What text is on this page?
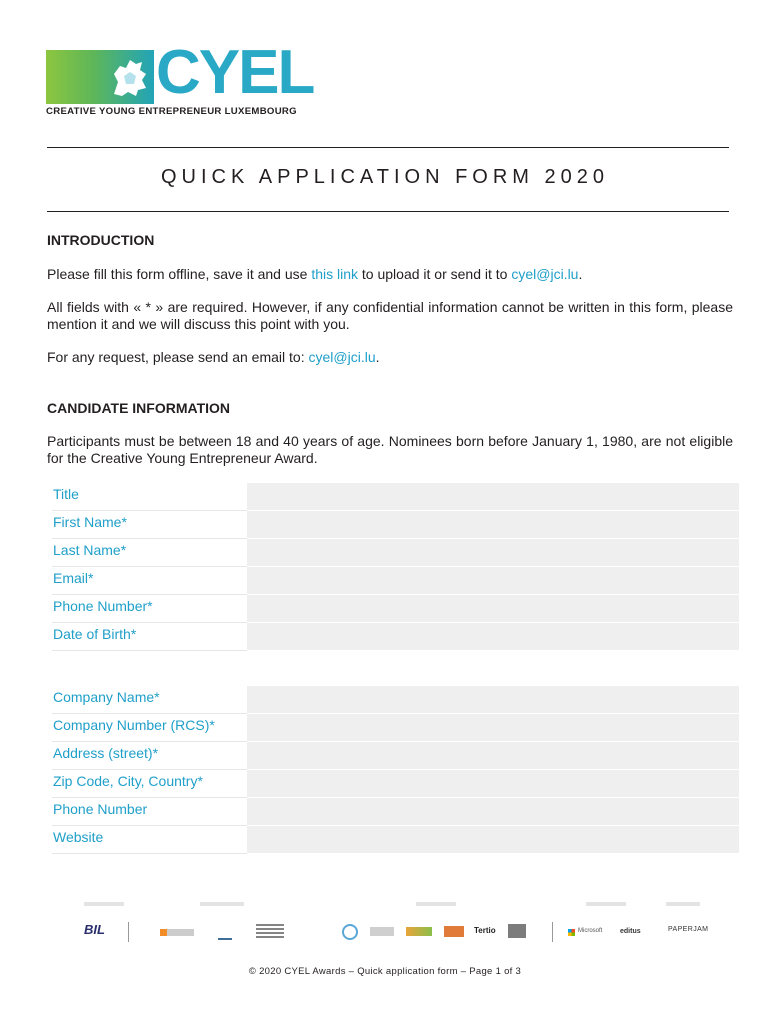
CYEL
CREATIVE YOUNG ENTREPRENEUR LUXEMBOURG
QUICK APPLICATION FORM 2020
INTRODUCTION
Please fill this form offline, save it and use this link to upload it or send it to cyel@jci.lu.
All fields with « * » are required. However, if any confidential information cannot be written in this form, please mention it and we will discuss this point with you.
For any request, please send an email to: cyel@jci.lu.
CANDIDATE INFORMATION
Participants must be between 18 and 40 years of age. Nominees born before January 1, 1980, are not eligible for the Creative Young Entrepreneur Award.
Title
First Name*
Last Name*
Email*
Phone Number*
Date of Birth*
Company Name*
Company Number (RCS)*
Address (street)*
Zip Code, City, Country*
Phone Number
Website
BIL	Tertio	Microsoft	editus	PAPERJAM
© 2020 CYEL Awards – Quick application form – Page 1 of 3
